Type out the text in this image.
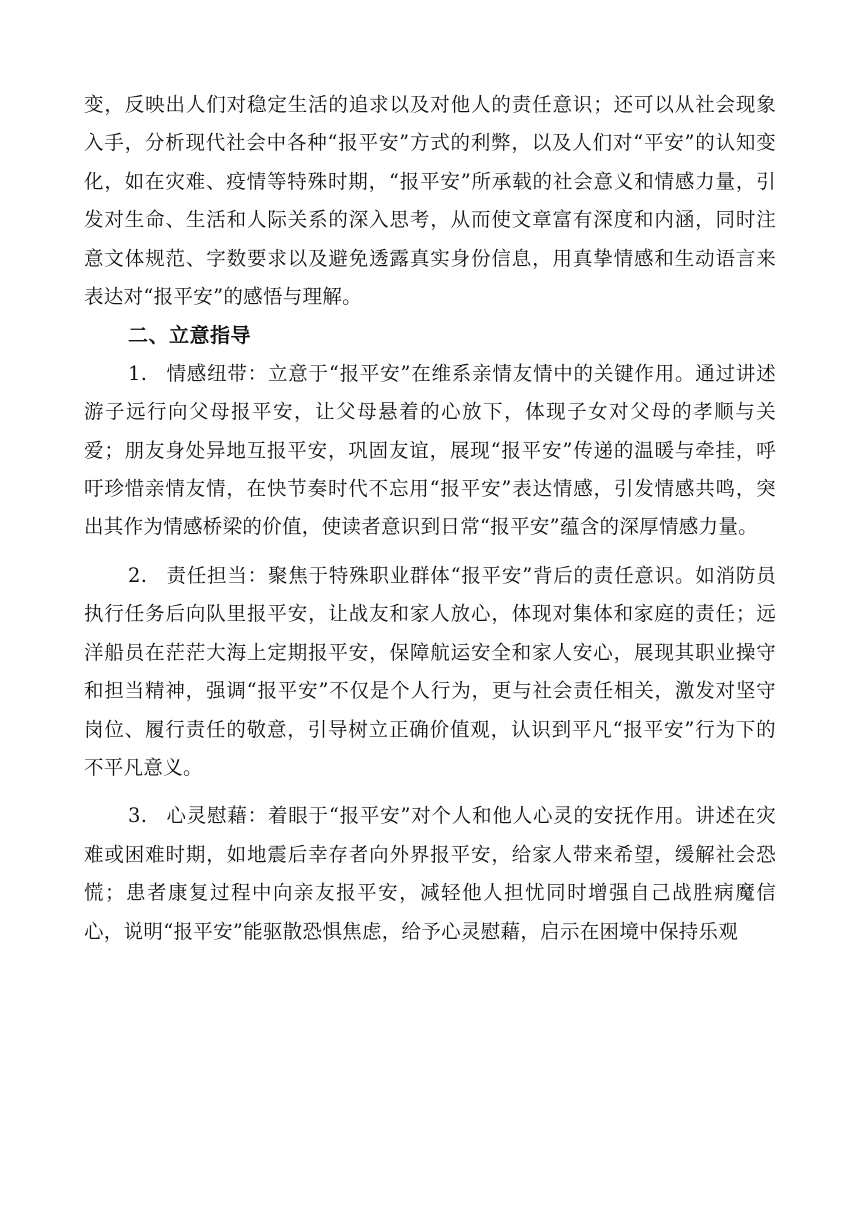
变，反映出人们对稳定生活的追求以及对他人的责任意识；还可以从社会现象入手，分析现代社会中各种“报平安”方式的利弊，以及人们对“平安”的认知变化，如在灾难、疫情等特殊时期，“报平安”所承载的社会意义和情感力量，引发对生命、生活和人际关系的深入思考，从而使文章富有深度和内涵，同时注意文体规范、字数要求以及避免透露真实身份信息，用真挚情感和生动语言来表达对“报平安”的感悟与理解。

二、立意指导

1. 情感纽带：立意于“报平安”在维系亲情友情中的关键作用。通过讲述游子远行向父母报平安，让父母悬着的心放下，体现子女对父母的孝顺与关爱；朋友身处异地互报平安，巩固友谊，展现“报平安”传递的温暖与牵挂，呼吁珍惜亲情友情，在快节奏时代不忘用“报平安”表达情感，引发情感共鸣，突出其作为情感桥梁的价值，使读者意识到日常“报平安”蕴含的深厚情感力量。

2. 责任担当：聚焦于特殊职业群体“报平安”背后的责任意识。如消防员执行任务后向队里报平安，让战友和家人放心，体现对集体和家庭的责任；远洋船员在茫茫大海上定期报平安，保障航运安全和家人安心，展现其职业操守和担当精神，强调“报平安”不仅是个人行为，更与社会责任相关，激发对坚守岗位、履行责任的敬意，引导树立正确价值观，认识到平凡“报平安”行为下的不平凡意义。

3. 心灵慰藉：着眼于“报平安”对个人和他人心灵的安抚作用。讲述在灾难或困难时期，如地震后幸存者向外界报平安，给家人带来希望，缓解社会恐慌；患者康复过程中向亲友报平安，减轻他人担忧同时增强自己战胜病魔信心，说明“报平安”能驱散恐惧焦虑，给予心灵慰藉，启示在困境中保持乐观
